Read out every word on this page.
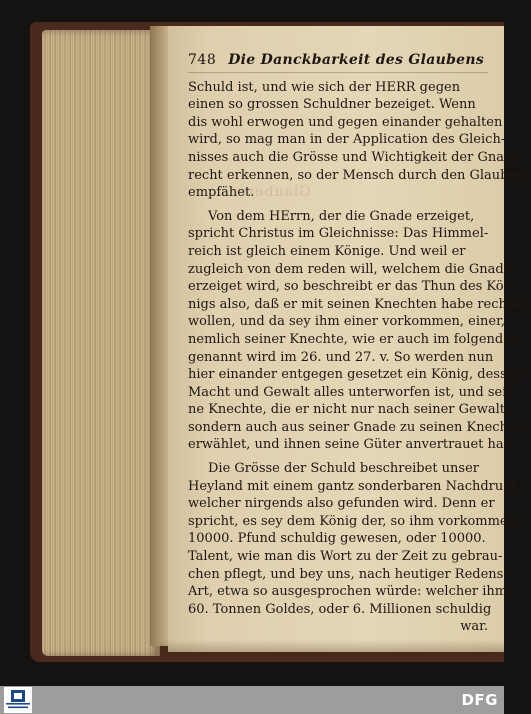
748 Die Danckbarkeit des Glaubens

Schuld ist, und wie sich der HERR gegen
einen so grossen Schuldner bezeiget. Wenn
dis wohl erwogen und gegen einander gehalten
wird, so mag man in der Application des Gleich-
nisses auch die Grösse und Wichtigkeit der Gnade
recht erkennen, so der Mensch durch den Glauben
empfähet.

Von dem HErrn, der die Gnade erzeiget,
spricht Christus im Gleichnisse: Das Himmel-
reich ist gleich einem Könige. Und weil er
zugleich von dem reden will, welchem die Gnade
erzeiget wird, so beschreibt er das Thun des Kö-
nigs also, daß er mit seinen Knechten habe rechnen
wollen, und da sey ihm einer vorkommen, einer,
nemlich seiner Knechte, wie er auch im folgenden
genannt wird im 26. und 27. v. So werden nun
hier einander entgegen gesetzet ein König, dessen
Macht und Gewalt alles unterworfen ist, und sei-
ne Knechte, die er nicht nur nach seiner Gewalt,
sondern auch aus seiner Gnade zu seinen Knechten
erwählet, und ihnen seine Güter anvertrauet hat.

Die Grösse der Schuld beschreibet unser
Heyland mit einem gantz sonderbaren Nachdruck,
welcher nirgends also gefunden wird. Denn er
spricht, es sey dem König der, so ihm vorkommen,
10000. Pfund schuldig gewesen, oder 10000.
Talent, wie man dis Wort zu der Zeit zu gebrau-
chen pflegt, und bey uns, nach heutiger Redens-
Art, etwa so ausgesprochen würde: welcher ihm
60. Tonnen Goldes, oder 6. Millionen schuldig
war.

Glaubens
DFG
